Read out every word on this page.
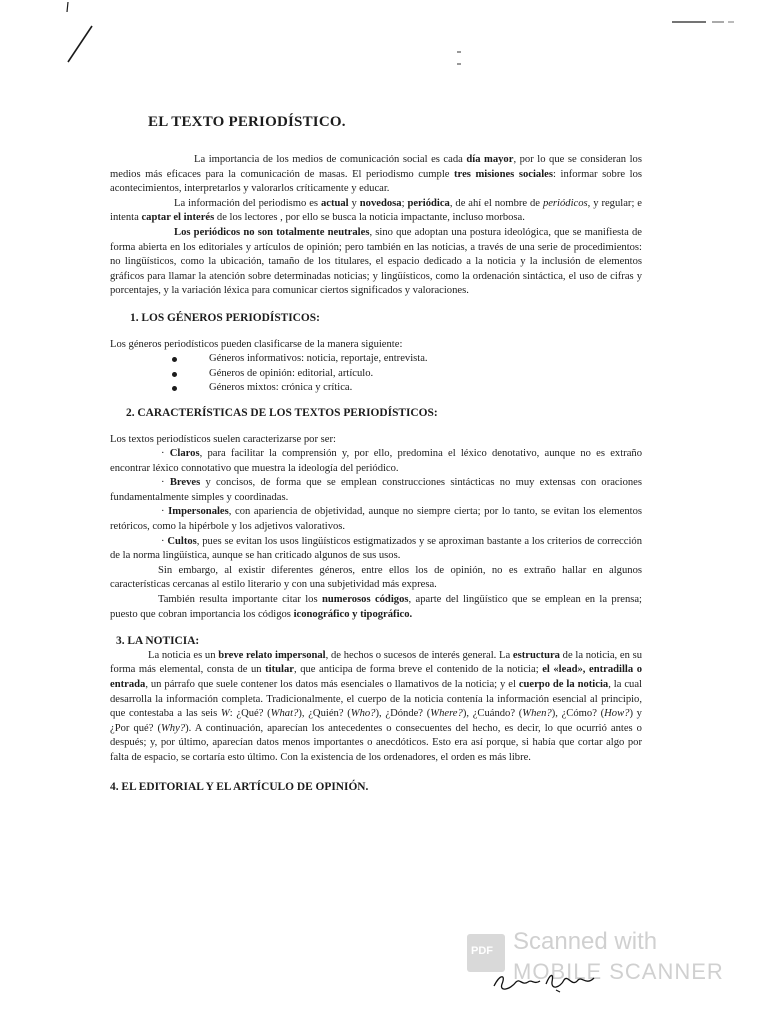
EL TEXTO PERIODÍSTICO.

La importancia de los medios de comunicación social es cada día mayor, por lo que se consideran los medios más eficaces para la comunicación de masas. El periodismo cumple tres misiones sociales: informar sobre los acontecimientos, interpretarlos y valorarlos críticamente y educar.

La información del periodismo es actual y novedosa; periódica, de ahí el nombre de periódicos, y regular; e intenta captar el interés de los lectores , por ello se busca la noticia impactante, incluso morbosa.

Los periódicos no son totalmente neutrales, sino que adoptan una postura ideológica, que se manifiesta de forma abierta en los editoriales y artículos de opinión; pero también en las noticias, a través de una serie de procedimientos: no lingüísticos, como la ubicación, tamaño de los titulares, el espacio dedicado a la noticia y la inclusión de elementos gráficos para llamar la atención sobre determinadas noticias; y lingüísticos, como la ordenación sintáctica, el uso de cifras y porcentajes, y la variación léxica para comunicar ciertos significados y valoraciones.

1. LOS GÉNEROS PERIODÍSTICOS:

Los géneros periodísticos pueden clasificarse de la manera siguiente:

Géneros informativos: noticia, reportaje, entrevista.
Géneros de opinión: editorial, artículo.
Géneros mixtos: crónica y crítica.
2. CARACTERÍSTICAS DE LOS TEXTOS PERIODÍSTICOS:

Los textos periodísticos suelen caracterizarse por ser:

· Claros, para facilitar la comprensión y, por ello, predomina el léxico denotativo, aunque no es extraño encontrar léxico connotativo que muestra la ideología del periódico.

· Breves y concisos, de forma que se emplean construcciones sintácticas no muy extensas con oraciones fundamentalmente simples y coordinadas.

· Impersonales, con apariencia de objetividad, aunque no siempre cierta; por lo tanto, se evitan los elementos retóricos, como la hipérbole y los adjetivos valorativos.

· Cultos, pues se evitan los usos lingüísticos estigmatizados y se aproximan bastante a los criterios de corrección de la norma lingüística, aunque se han criticado algunos de sus usos.

Sin embargo, al existir diferentes géneros, entre ellos los de opinión, no es extraño hallar en algunos características cercanas al estilo literario y con una subjetividad más expresa.

También resulta importante citar los numerosos códigos, aparte del lingüístico que se emplean en la prensa; puesto que cobran importancia los códigos iconográfico y tipográfico.

3. LA NOTICIA:

La noticia es un breve relato impersonal, de hechos o sucesos de interés general. La estructura de la noticia, en su forma más elemental, consta de un titular, que anticipa de forma breve el contenido de la noticia; el «lead», entradilla o entrada, un párrafo que suele contener los datos más esenciales o llamativos de la noticia; y el cuerpo de la noticia, la cual desarrolla la información completa. Tradicionalmente, el cuerpo de la noticia contenía la información esencial al principio, que contestaba a las seis W: ¿Qué? (What?), ¿Quién? (Who?), ¿Dónde? (Where?), ¿Cuándo? (When?), ¿Cómo? (How?) y ¿Por qué? (Why?). A continuación, aparecían los antecedentes o consecuentes del hecho, es decir, lo que ocurrió antes o después; y, por último, aparecían datos menos importantes o anecdóticos. Esto era así porque, si había que cortar algo por falta de espacio, se cortaría esto último. Con la existencia de los ordenadores, el orden es más libre.

4. EL EDITORIAL Y EL ARTÍCULO DE OPINIÓN.
PDF Scanned with
MOBILE SCANNER
